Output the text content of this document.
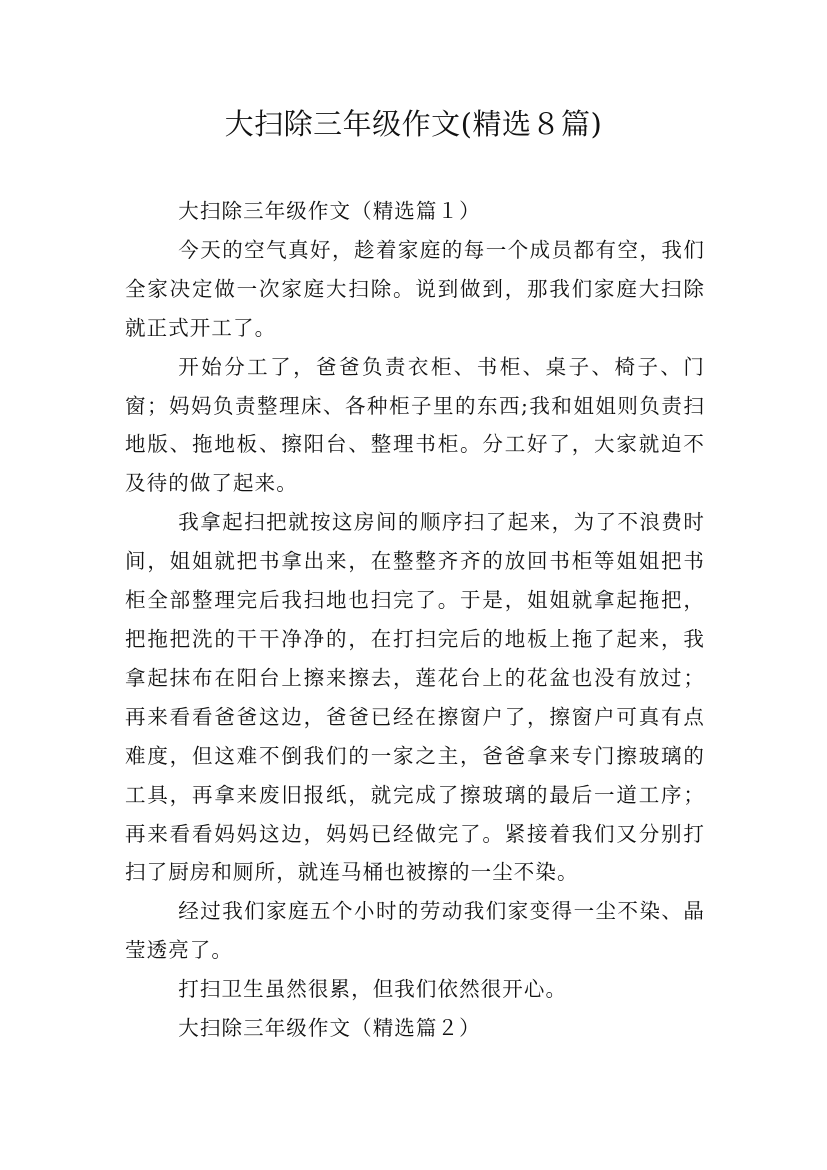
大扫除三年级作文(精选８篇)

大扫除三年级作文（精选篇１）

今天的空气真好，趁着家庭的每一个成员都有空，我们全家决定做一次家庭大扫除。说到做到，那我们家庭大扫除就正式开工了。

开始分工了，爸爸负责衣柜、书柜、桌子、椅子、门窗；妈妈负责整理床、各种柜子里的东西;我和姐姐则负责扫地版、拖地板、擦阳台、整理书柜。分工好了，大家就迫不及待的做了起来。

我拿起扫把就按这房间的顺序扫了起来，为了不浪费时间，姐姐就把书拿出来，在整整齐齐的放回书柜等姐姐把书柜全部整理完后我扫地也扫完了。于是，姐姐就拿起拖把，把拖把洗的干干净净的，在打扫完后的地板上拖了起来，我拿起抹布在阳台上擦来擦去，莲花台上的花盆也没有放过；再来看看爸爸这边，爸爸已经在擦窗户了，擦窗户可真有点难度，但这难不倒我们的一家之主，爸爸拿来专门擦玻璃的工具，再拿来废旧报纸，就完成了擦玻璃的最后一道工序；再来看看妈妈这边，妈妈已经做完了。紧接着我们又分别打扫了厨房和厕所，就连马桶也被擦的一尘不染。

经过我们家庭五个小时的劳动我们家变得一尘不染、晶莹透亮了。

打扫卫生虽然很累，但我们依然很开心。

大扫除三年级作文（精选篇２）
